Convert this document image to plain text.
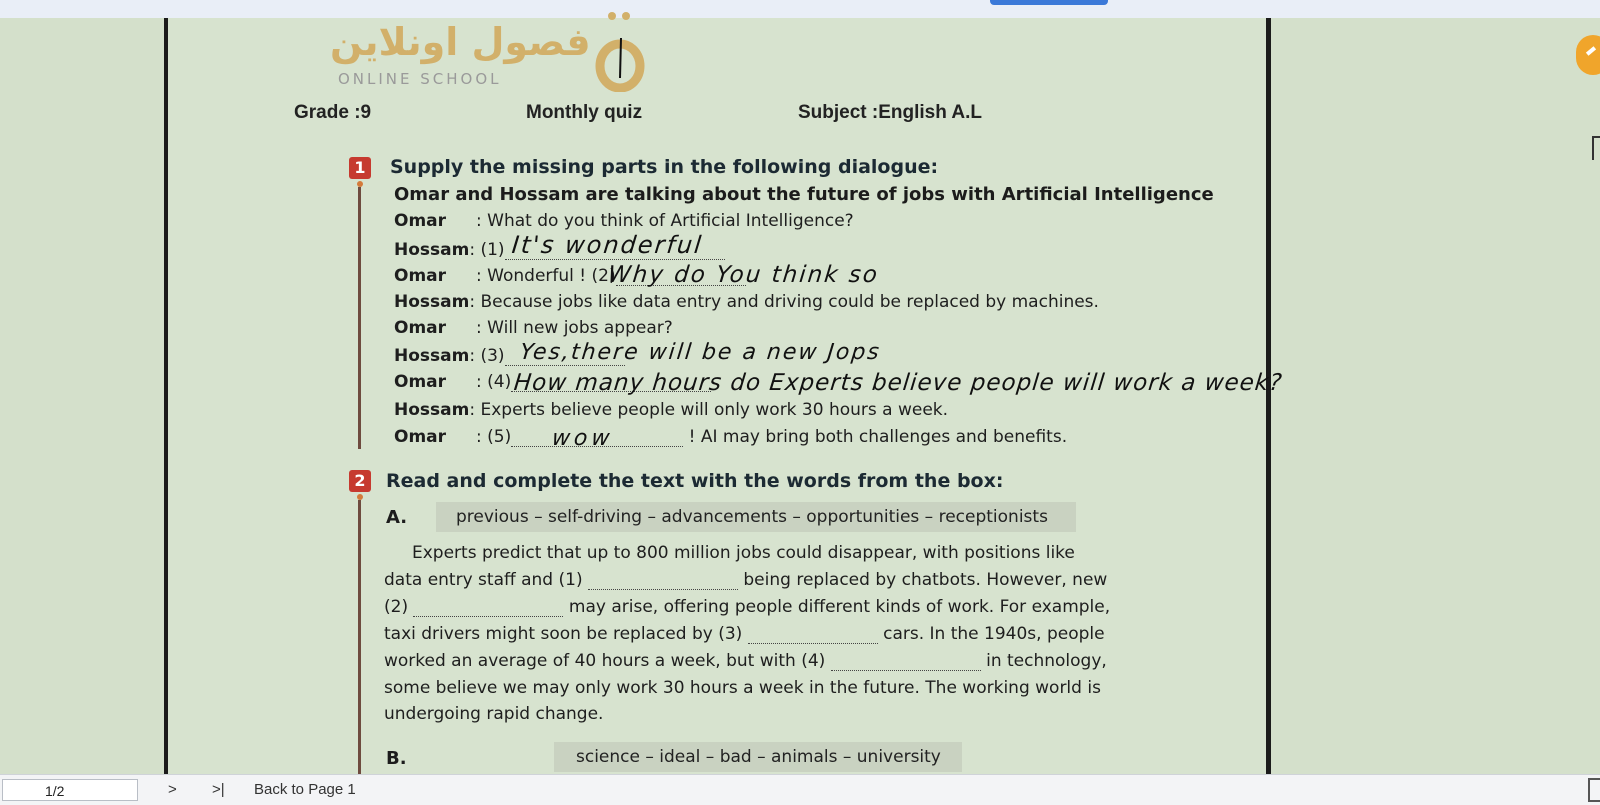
فصول اونلاين
ONLINE SCHOOL
Grade :9	Monthly quiz	Subject :English A.L
1 Supply the missing parts in the following dialogue:
Omar and Hossam are talking about the future of jobs with Artificial Intelligence
Omar : What do you think of Artificial Intelligence?
Hossam: (1)
Omar : Wonderful ! (2)
Hossam: Because jobs like data entry and driving could be replaced by machines.
Omar : Will new jobs appear?
Hossam: (3)
Omar : (4)
Hossam: Experts believe people will only work 30 hours a week.
Omar : (5)	! AI may bring both challenges and benefits.
It's wonderful
Why do You think so
Yes,there will be a new Jops
How many hours do Experts believe people will work a week?
wow
2 Read and complete the text with the words from the box:
A.	previous – self-driving – advancements – opportunities – receptionists
Experts predict that up to 800 million jobs could disappear, with positions like
data entry staff and (1)	being replaced by chatbots. However, new
(2)	may arise, offering people different kinds of work. For example,
taxi drivers might soon be replaced by (3)	cars. In the 1940s, people
worked an average of 40 hours a week, but with (4)	in technology,
some believe we may only work 30 hours a week in the future. The working world is
undergoing rapid change.
B.	science – ideal – bad – animals – university
1/2	> >| Back to Page 1
